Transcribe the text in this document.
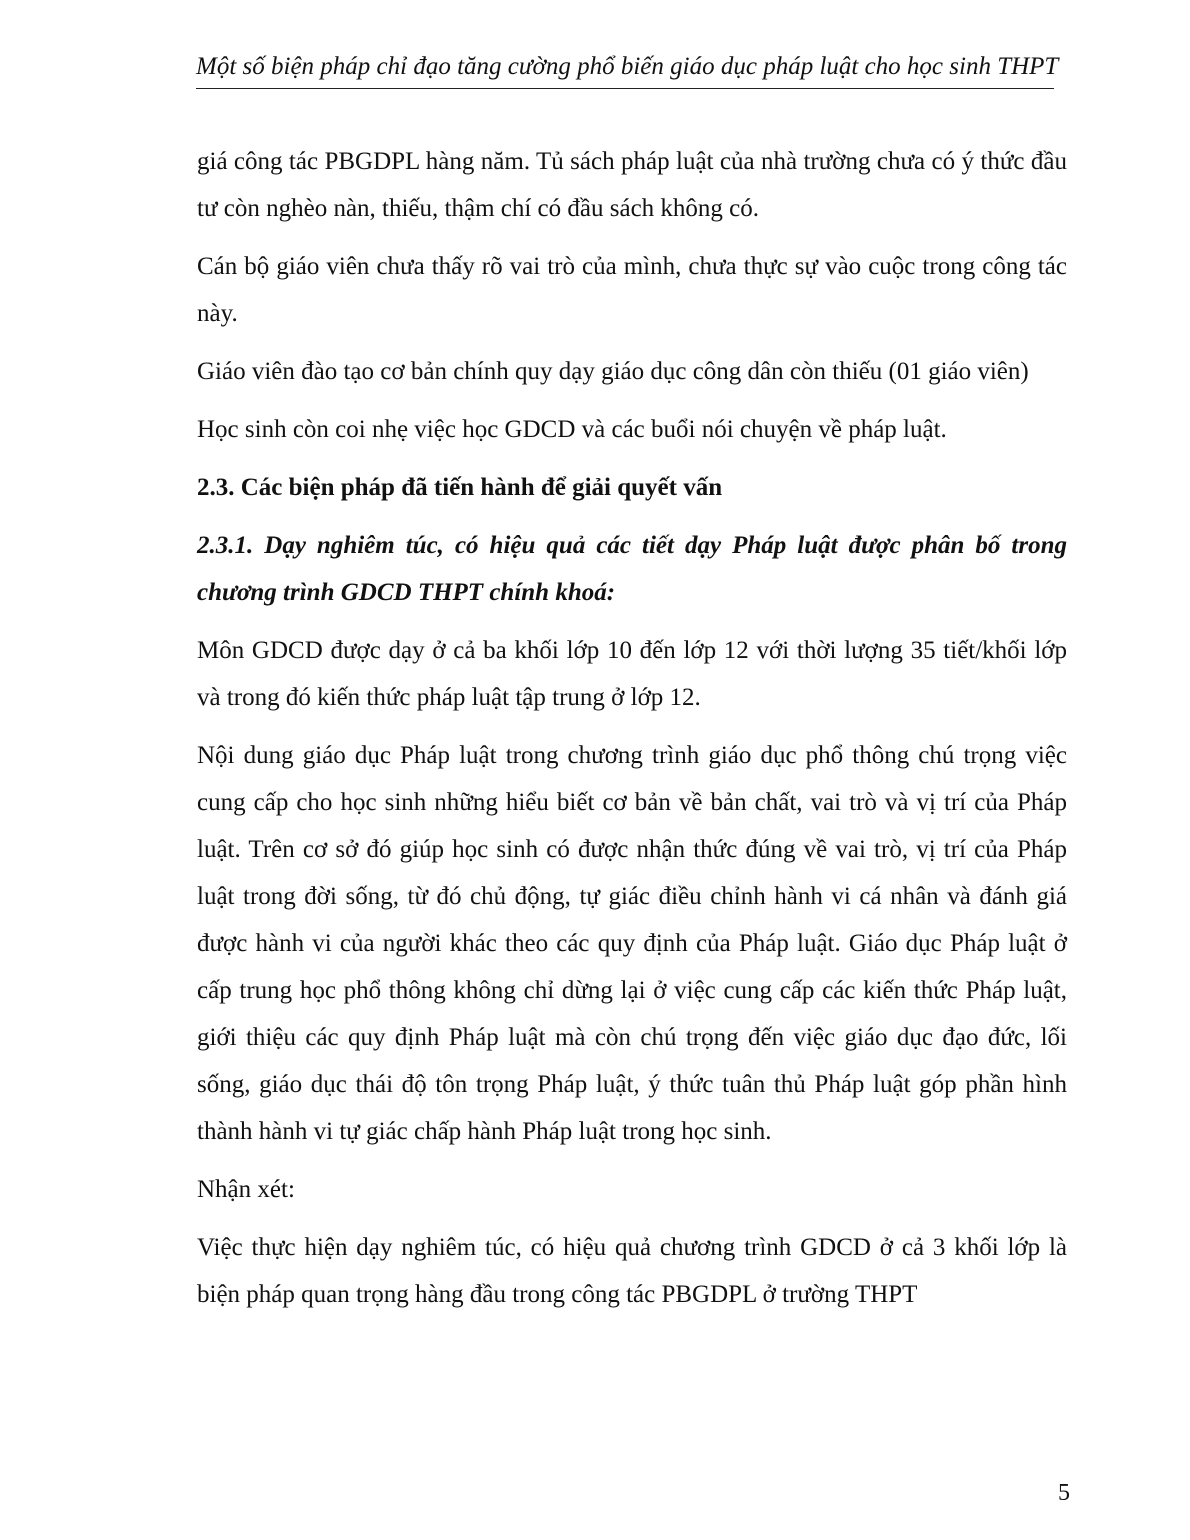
Một số biện pháp chỉ đạo tăng cường phổ biến giáo dục pháp luật cho học sinh THPT

giá công tác PBGDPL hàng năm. Tủ sách pháp luật của nhà trường chưa có ý thức đầu tư còn nghèo nàn, thiếu, thậm chí có đầu sách không có.

Cán bộ giáo viên chưa thấy rõ vai trò của mình, chưa thực sự vào cuộc trong công tác này.

Giáo viên đào tạo cơ bản chính quy dạy giáo dục công dân còn thiếu (01 giáo viên)

Học sinh còn coi nhẹ việc học GDCD và các buổi nói chuyện về pháp luật.

2.3. Các biện pháp đã tiến hành để giải quyết vấn

2.3.1. Dạy nghiêm túc, có hiệu quả các tiết dạy Pháp luật được phân bố trong chương trình GDCD THPT chính khoá:

Môn GDCD được dạy ở cả ba khối lớp 10 đến lớp 12 với thời lượng 35 tiết/khối lớp và trong đó kiến thức pháp luật tập trung ở lớp 12.

Nội dung giáo dục Pháp luật trong chương trình giáo dục phổ thông chú trọng việc cung cấp cho học sinh những hiểu biết cơ bản về bản chất, vai trò và vị trí của Pháp luật. Trên cơ sở đó giúp học sinh có được nhận thức đúng về vai trò, vị trí của Pháp luật trong đời sống, từ đó chủ động, tự giác điều chỉnh hành vi cá nhân và đánh giá được hành vi của người khác theo các quy định của Pháp luật. Giáo dục Pháp luật ở cấp trung học phổ thông không chỉ dừng lại ở việc cung cấp các kiến thức Pháp luật, giới thiệu các quy định Pháp luật mà còn chú trọng đến việc giáo dục đạo đức, lối sống, giáo dục thái độ tôn trọng Pháp luật, ý thức tuân thủ Pháp luật góp phần hình thành hành vi tự giác chấp hành Pháp luật trong học sinh.

Nhận xét:

Việc thực hiện dạy nghiêm túc, có hiệu quả chương trình GDCD ở cả 3 khối lớp là biện pháp quan trọng hàng đầu trong công tác PBGDPL ở trường THPT

5
